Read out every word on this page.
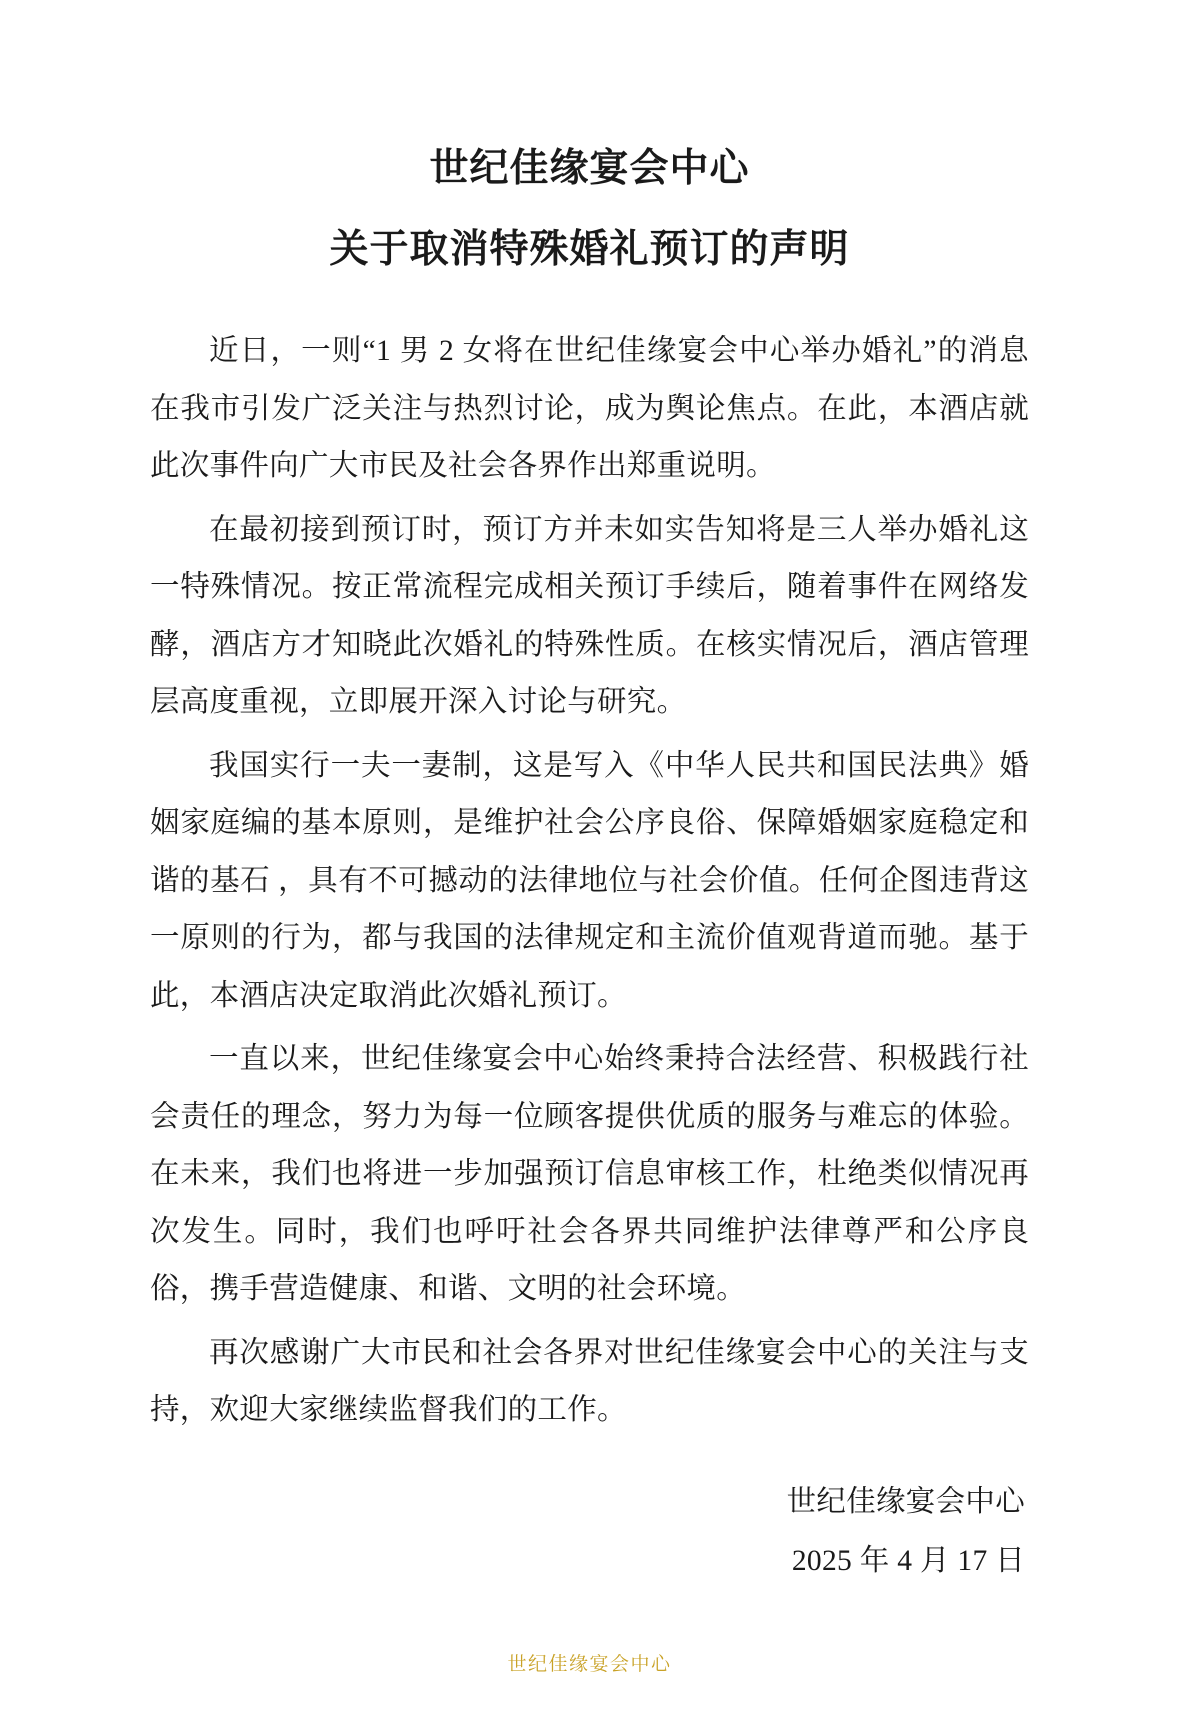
世纪佳缘宴会中心
关于取消特殊婚礼预订的声明

近日，一则“1 男 2 女将在世纪佳缘宴会中心举办婚礼”的消息在我市引发广泛关注与热烈讨论，成为舆论焦点。在此，本酒店就此次事件向广大市民及社会各界作出郑重说明。

在最初接到预订时，预订方并未如实告知将是三人举办婚礼这一特殊情况。按正常流程完成相关预订手续后，随着事件在网络发酵，酒店方才知晓此次婚礼的特殊性质。在核实情况后，酒店管理层高度重视，立即展开深入讨论与研究。

我国实行一夫一妻制，这是写入《中华人民共和国民法典》婚姻家庭编的基本原则，是维护社会公序良俗、保障婚姻家庭稳定和谐的基石 ，具有不可撼动的法律地位与社会价值。任何企图违背这一原则的行为，都与我国的法律规定和主流价值观背道而驰。基于此，本酒店决定取消此次婚礼预订。

一直以来，世纪佳缘宴会中心始终秉持合法经营、积极践行社会责任的理念，努力为每一位顾客提供优质的服务与难忘的体验。在未来，我们也将进一步加强预订信息审核工作，杜绝类似情况再次发生。同时，我们也呼吁社会各界共同维护法律尊严和公序良俗，携手营造健康、和谐、文明的社会环境。

再次感谢广大市民和社会各界对世纪佳缘宴会中心的关注与支持，欢迎大家继续监督我们的工作。

世纪佳缘宴会中心
2025 年 4 月 17 日
世纪佳缘宴会中心
